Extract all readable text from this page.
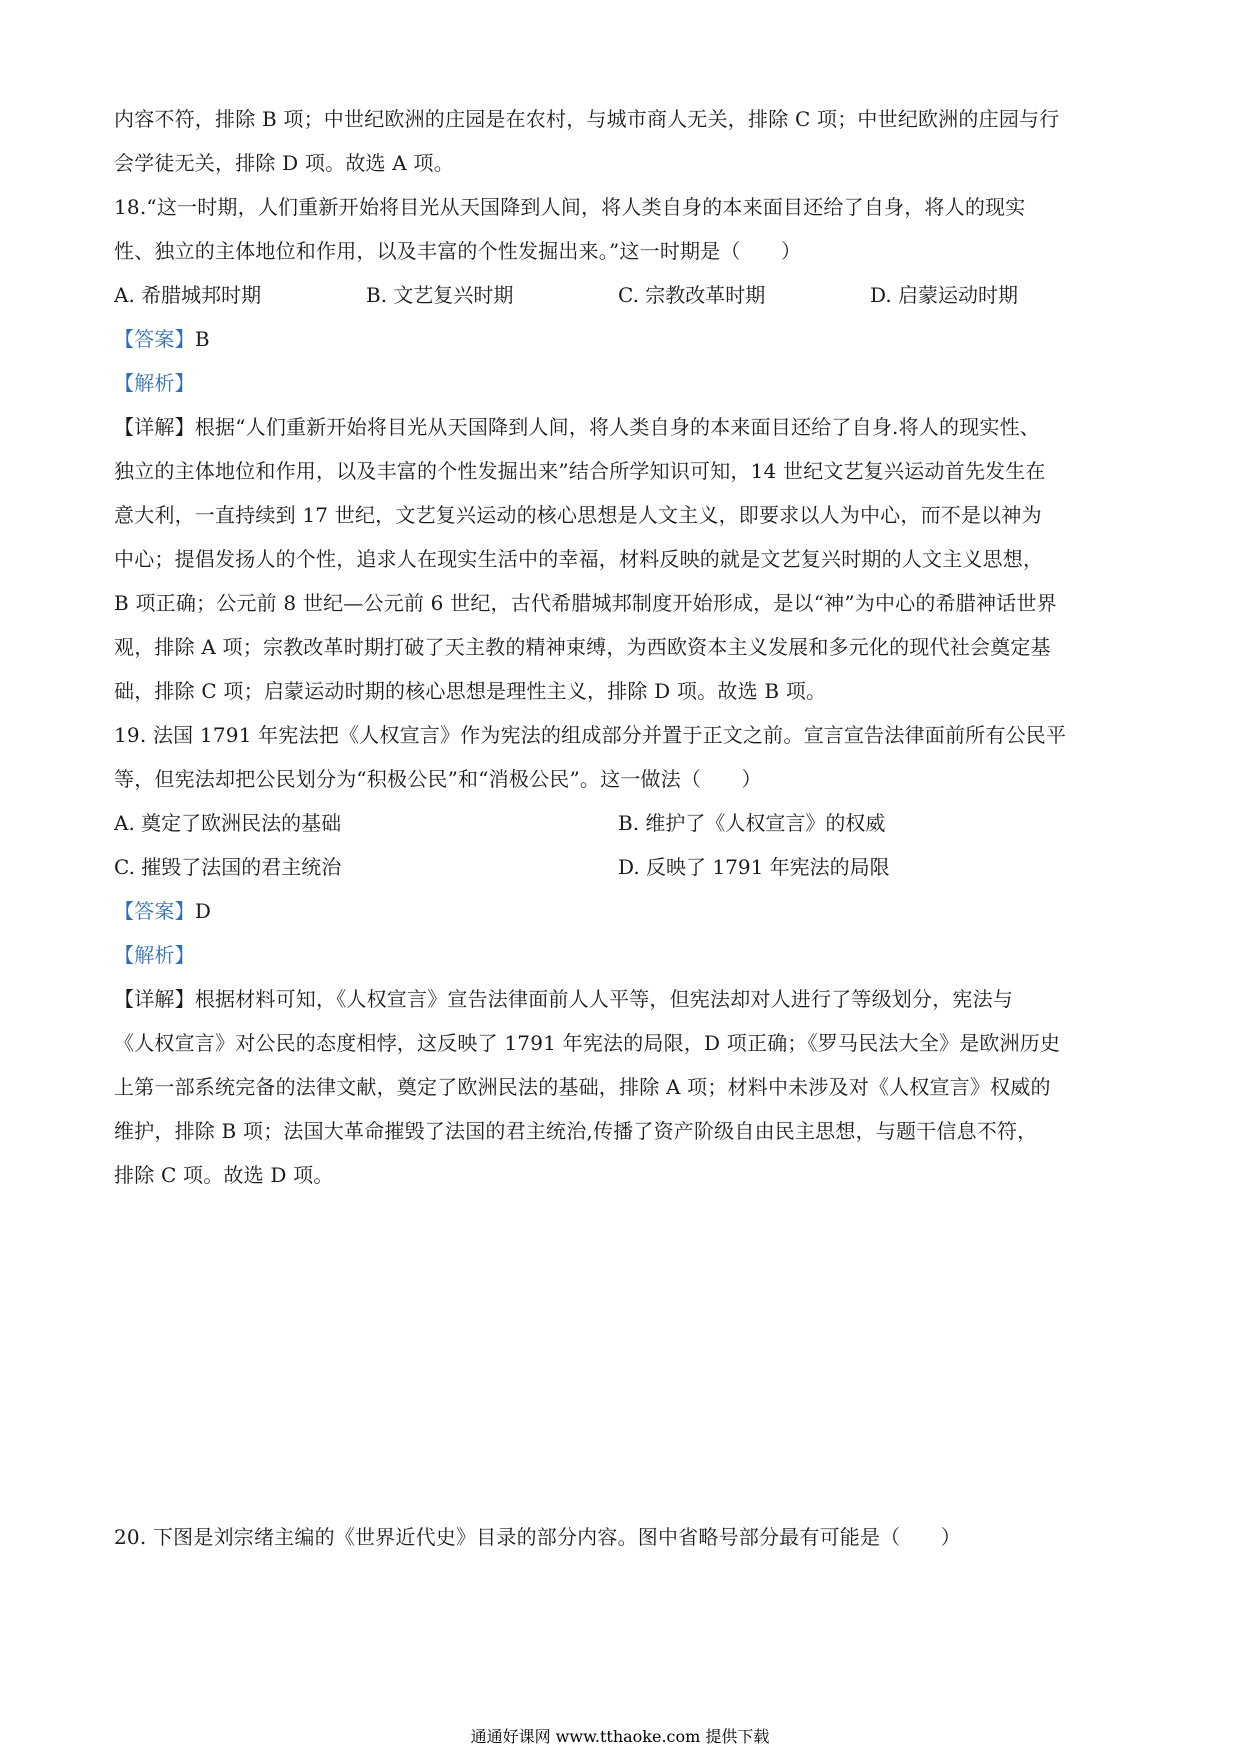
内容不符，排除 B 项；中世纪欧洲的庄园是在农村，与城市商人无关，排除 C 项；中世纪欧洲的庄园与行
会学徒无关，排除 D 项。故选 A 项。
18.“这一时期，人们重新开始将目光从天国降到人间，将人类自身的本来面目还给了自身，将人的现实
性、独立的主体地位和作用，以及丰富的个性发掘出来。”这一时期是（　　）
A. 希腊城邦时期	B. 文艺复兴时期	C. 宗教改革时期	D. 启蒙运动时期
【答案】B
【解析】
【详解】根据“人们重新开始将目光从天国降到人间，将人类自身的本来面目还给了自身.将人的现实性、
独立的主体地位和作用，以及丰富的个性发掘出来”结合所学知识可知，14 世纪文艺复兴运动首先发生在
意大利，一直持续到 17 世纪，文艺复兴运动的核心思想是人文主义，即要求以人为中心，而不是以神为
中心；提倡发扬人的个性，追求人在现实生活中的幸福，材料反映的就是文艺复兴时期的人文主义思想，
B 项正确；公元前 8 世纪—公元前 6 世纪，古代希腊城邦制度开始形成，是以“神”为中心的希腊神话世界
观，排除 A 项；宗教改革时期打破了天主教的精神束缚，为西欧资本主义发展和多元化的现代社会奠定基
础，排除 C 项；启蒙运动时期的核心思想是理性主义，排除 D 项。故选 B 项。
19. 法国 1791 年宪法把《人权宣言》作为宪法的组成部分并置于正文之前。宣言宣告法律面前所有公民平
等，但宪法却把公民划分为“积极公民”和“消极公民”。这一做法（　　）
A. 奠定了欧洲民法的基础	B. 维护了《人权宣言》的权威
C. 摧毁了法国的君主统治	D. 反映了 1791 年宪法的局限
【答案】D
【解析】
【详解】根据材料可知，《人权宣言》宣告法律面前人人平等，但宪法却对人进行了等级划分，宪法与
《人权宣言》对公民的态度相悖，这反映了 1791 年宪法的局限，D 项正确；《罗马民法大全》是欧洲历史
上第一部系统完备的法律文献，奠定了欧洲民法的基础，排除 A 项；材料中未涉及对《人权宣言》权威的
维护，排除 B 项；法国大革命摧毁了法国的君主统治,传播了资产阶级自由民主思想，与题干信息不符，
排除 C 项。故选 D 项。
20. 下图是刘宗绪主编的《世界近代史》目录的部分内容。图中省略号部分最有可能是（　　）
通通好课网 www.tthaoke.com 提供下载
